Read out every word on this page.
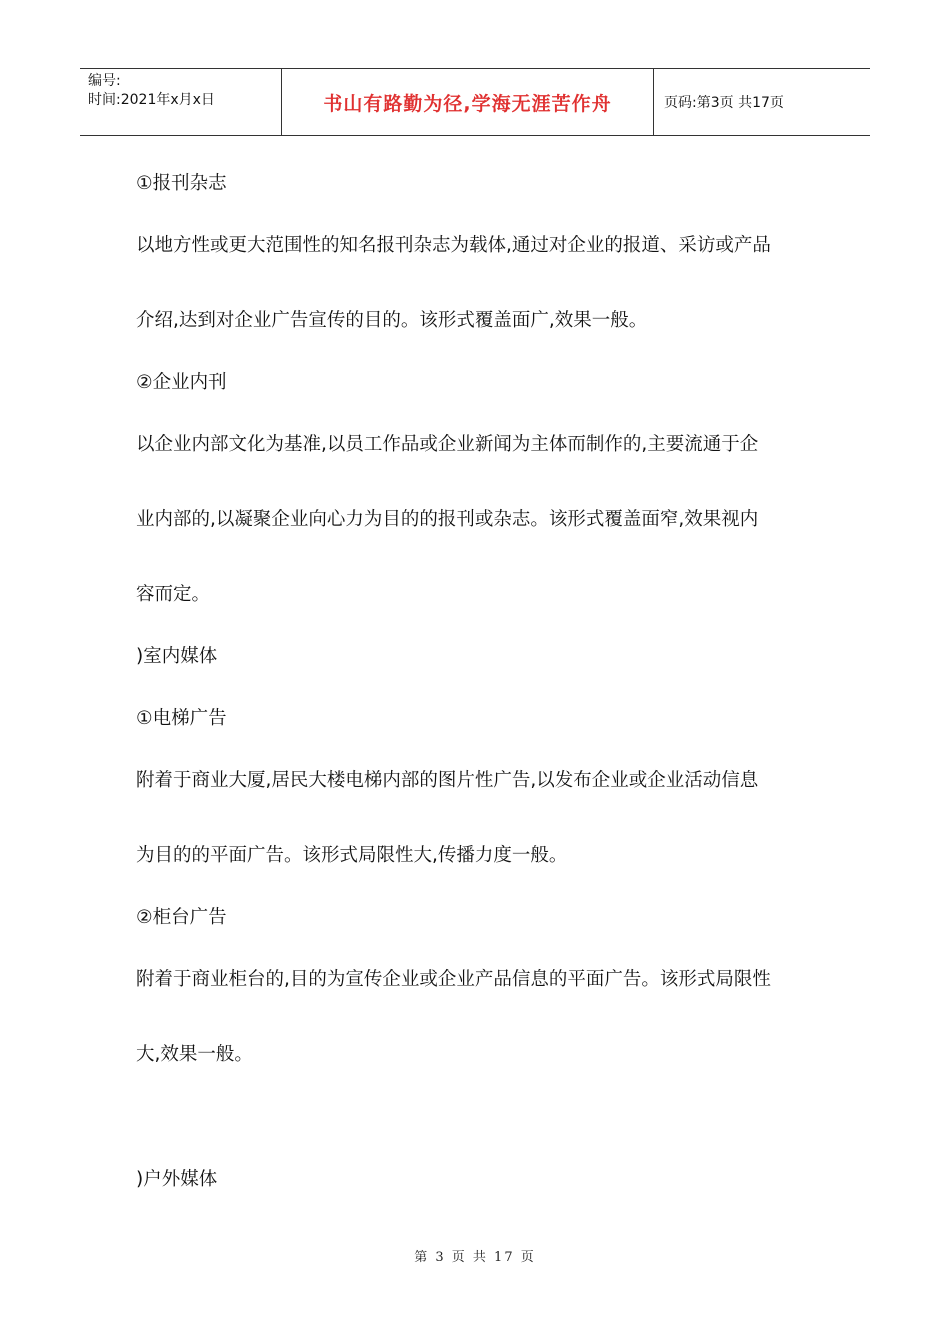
编号:
时间:2021年x月x日	书山有路勤为径,学海无涯苦作舟	页码:第3页 共17页
①报刊杂志
以地方性或更大范围性的知名报刊杂志为载体,通过对企业的报道、采访或产品
介绍,达到对企业广告宣传的目的。该形式覆盖面广,效果一般。
②企业内刊
以企业内部文化为基准,以员工作品或企业新闻为主体而制作的,主要流通于企
业内部的,以凝聚企业向心力为目的的报刊或杂志。该形式覆盖面窄,效果视内
容而定。
)室内媒体
①电梯广告
附着于商业大厦,居民大楼电梯内部的图片性广告,以发布企业或企业活动信息
为目的的平面广告。该形式局限性大,传播力度一般。
②柜台广告
附着于商业柜台的,目的为宣传企业或企业产品信息的平面广告。该形式局限性
大,效果一般。
)户外媒体
第 3 页 共 17 页
